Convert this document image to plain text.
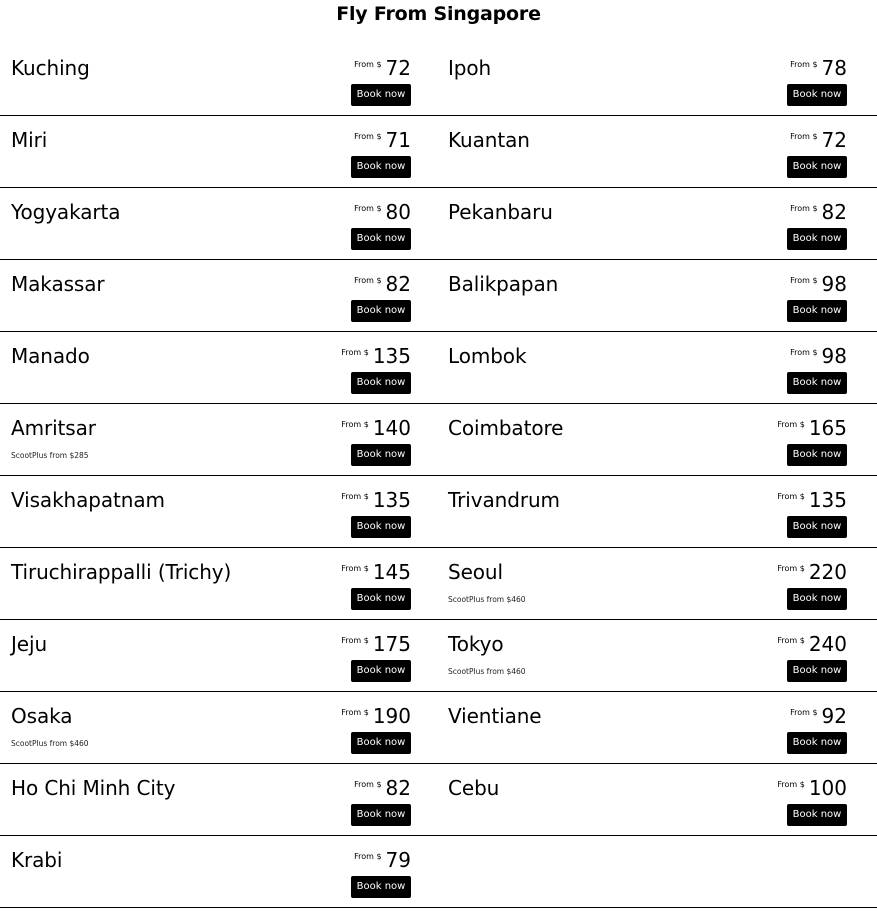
Fly From Singapore
Kuching	From $ 72
Book now
Ipoh	From $ 78
Book now
Miri	From $ 71
Book now
Kuantan	From $ 72
Book now
Yogyakarta	From $ 80
Book now
Pekanbaru	From $ 82
Book now
Makassar	From $ 82
Book now
Balikpapan	From $ 98
Book now
Manado	From $ 135
Book now
Lombok	From $ 98
Book now
Amritsar
ScootPlus from $285
From $ 140
Book now
Coimbatore	From $ 165
Book now
Visakhapatnam	From $ 135
Book now
Trivandrum	From $ 135
Book now
Tiruchirappalli (Trichy)	From $ 145
Book now
Seoul
ScootPlus from $460
From $ 220
Book now
Jeju	From $ 175
Book now
Tokyo
ScootPlus from $460
From $ 240
Book now
Osaka
ScootPlus from $460
From $ 190
Book now
Vientiane	From $ 92
Book now
Ho Chi Minh City	From $ 82
Book now
Cebu	From $ 100
Book now
Krabi	From $ 79
Book now
